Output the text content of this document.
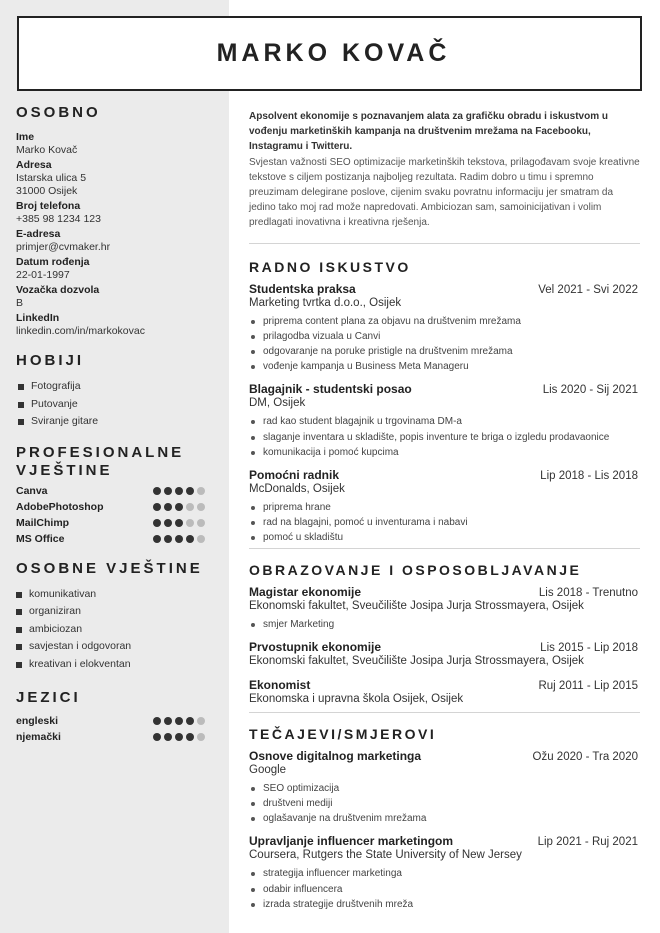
MARKO KOVAČ
OSOBNO
Ime
Marko Kovač
Adresa
Istarska ulica 5
31000 Osijek
Broj telefona
+385 98 1234 123
E-adresa
primjer@cvmaker.hr
Datum rođenja
22-01-1997
Vozačka dozvola
B
LinkedIn
linkedin.com/in/markokovac
HOBIJI
Fotografija
Putovanje
Sviranje gitare
PROFESIONALNE
VJEŠTINE
Canva
AdobePhotoshop
MailChimp
MS Office
OSOBNE VJEŠTINE
komunikativan
organiziran
ambiciozan
savjestan i odgovoran
kreativan i elokventan
JEZICI
engleski
njemački
Apsolvent ekonomije s poznavanjem alata za grafičku obradu i iskustvom u vođenju marketinških kampanja na društvenim mrežama na Facebooku, Instagramu i Twitteru.
Svjestan važnosti SEO optimizacije marketinških tekstova, prilagođavam svoje kreativne tekstove s ciljem postizanja najboljeg rezultata. Radim dobro u timu i spremno preuzimam delegirane poslove, cijenim svaku povratnu informaciju jer smatram da jedino tako moj rad može napredovati. Ambiciozan sam, samoinicijativan i volim predlagati inovativna i kreativna rješenja.
RADNO ISKUSTVO
Studentska praksa	Vel 2021 - Svi 2022
Marketing tvrtka d.o.o., Osijek
priprema content plana za objavu na društvenim mrežama
prilagodba vizuala u Canvi
odgovaranje na poruke pristigle na društvenim mrežama
vođenje kampanja u Business Meta Manageru
Blagajnik - studentski posao	Lis 2020 - Sij 2021
DM, Osijek
rad kao student blagajnik u trgovinama DM-a
slaganje inventara u skladište, popis inventure te briga o izgledu prodavaonice
komunikacija i pomoć kupcima
Pomoćni radnik	Lip 2018 - Lis 2018
McDonalds, Osijek
priprema hrane
rad na blagajni, pomoć u inventurama i nabavi
pomoć u skladištu
OBRAZOVANJE I OSPOSOBLJAVANJE
Magistar ekonomije	Lis 2018 - Trenutno
Ekonomski fakultet, Sveučilište Josipa Jurja Strossmayera, Osijek
smjer Marketing
Prvostupnik ekonomije	Lis 2015 - Lip 2018
Ekonomski fakultet, Sveučilište Josipa Jurja Strossmayera, Osijek
Ekonomist	Ruj 2011 - Lip 2015
Ekonomska i upravna škola Osijek, Osijek
TEČAJEVI/SMJEROVI
Osnove digitalnog marketinga	Ožu 2020 - Tra 2020
Google
SEO optimizacija
društveni mediji
oglašavanje na društvenim mrežama
Upravljanje influencer marketingom	Lip 2021 - Ruj 2021
Coursera, Rutgers the State University of New Jersey
strategija influencer marketinga
odabir influencera
izrada strategije društvenih mreža
